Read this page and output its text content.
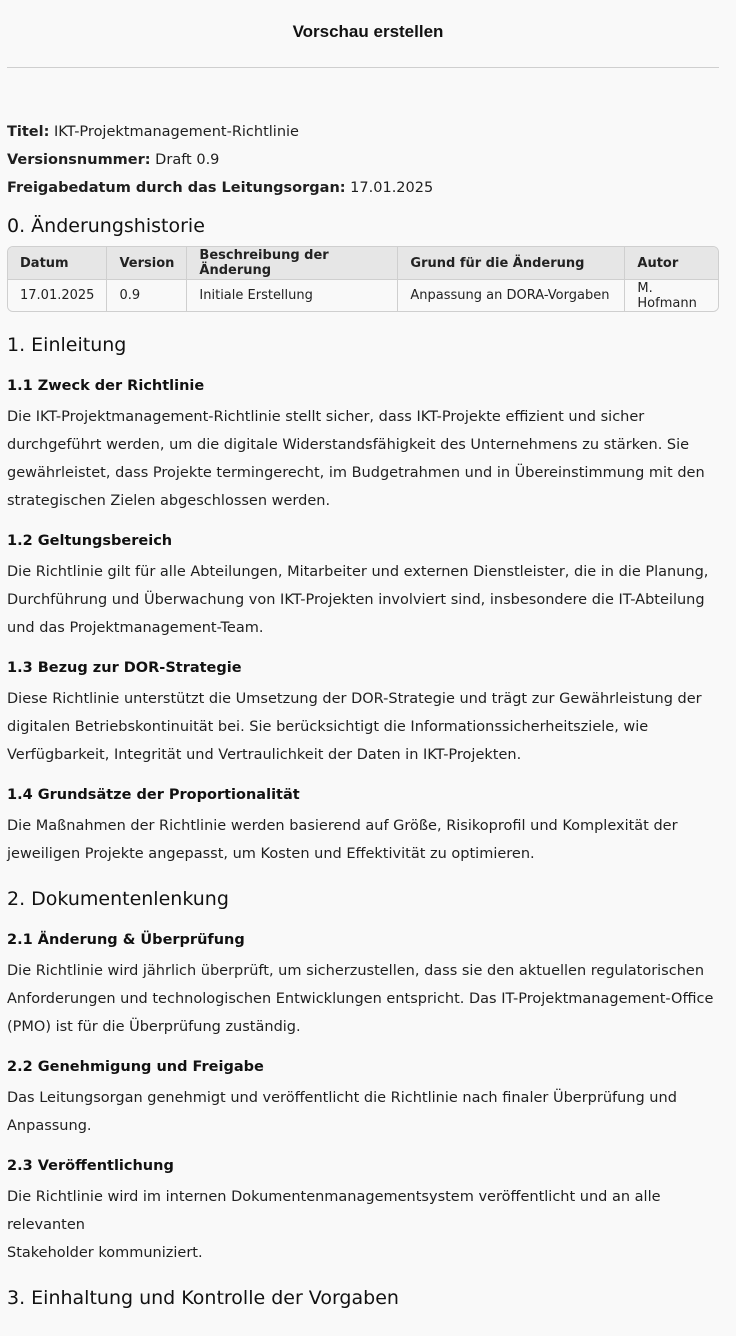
Vorschau erstellen

Titel: IKT-Projektmanagement-Richtlinie

Versionsnummer: Draft 0.9

Freigabedatum durch das Leitungsorgan: 17.01.2025

0. Änderungshistorie
Datum	Version	Beschreibung der Änderung	Grund für die Änderung	Autor
17.01.2025	0.9	Initiale Erstellung	Anpassung an DORA-Vorgaben	M. Hofmann
1. Einleitung
1.1 Zweck der Richtlinie

Die IKT-Projektmanagement-Richtlinie stellt sicher, dass IKT-Projekte effizient und sicher
durchgeführt werden, um die digitale Widerstandsfähigkeit des Unternehmens zu stärken. Sie
gewährleistet, dass Projekte termingerecht, im Budgetrahmen und in Übereinstimmung mit den
strategischen Zielen abgeschlossen werden.

1.2 Geltungsbereich

Die Richtlinie gilt für alle Abteilungen, Mitarbeiter und externen Dienstleister, die in die Planung,
Durchführung und Überwachung von IKT-Projekten involviert sind, insbesondere die IT-Abteilung
und das Projektmanagement-Team.

1.3 Bezug zur DOR-Strategie

Diese Richtlinie unterstützt die Umsetzung der DOR-Strategie und trägt zur Gewährleistung der
digitalen Betriebskontinuität bei. Sie berücksichtigt die Informationssicherheitsziele, wie
Verfügbarkeit, Integrität und Vertraulichkeit der Daten in IKT-Projekten.

1.4 Grundsätze der Proportionalität

Die Maßnahmen der Richtlinie werden basierend auf Größe, Risikoprofil und Komplexität der
jeweiligen Projekte angepasst, um Kosten und Effektivität zu optimieren.

2. Dokumentenlenkung
2.1 Änderung & Überprüfung

Die Richtlinie wird jährlich überprüft, um sicherzustellen, dass sie den aktuellen regulatorischen
Anforderungen und technologischen Entwicklungen entspricht. Das IT-Projektmanagement-Office
(PMO) ist für die Überprüfung zuständig.

2.2 Genehmigung und Freigabe

Das Leitungsorgan genehmigt und veröffentlicht die Richtlinie nach finaler Überprüfung und
Anpassung.

2.3 Veröffentlichung

Die Richtlinie wird im internen Dokumentenmanagementsystem veröffentlicht und an alle relevanten
Stakeholder kommuniziert.

3. Einhaltung und Kontrolle der Vorgaben
